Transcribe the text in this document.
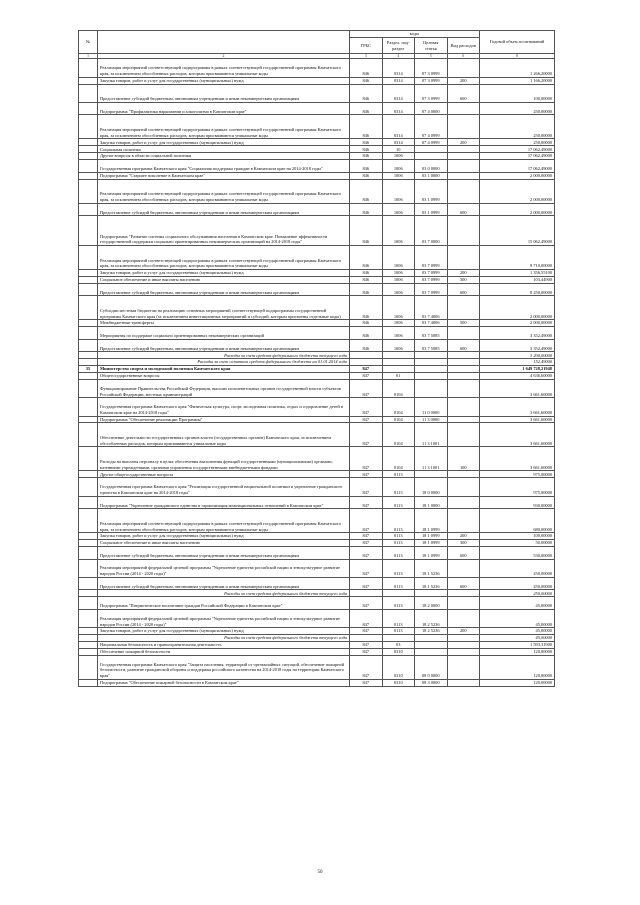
№		коды				Годовой объем ассигнований
		ГРБС	Раздел, под-раздел	Целевая статья	Вид расходов	
1	2	3	4	5	6	8
	Реализация мероприятий соответствующей подпрограммы в рамках соответствующей государственной программы Камчатского края, за исключением обособленных расходов, которым присваиваются уникальные коды	846	0314	07 3 0999		1 266,20000
	Закупка товаров, работ и услуг для государственных (муниципальных) нужд	846	0314	07 3 0999	200	1 166,20000
	Предоставление субсидий бюджетным, автономным учреждениям и иным некоммерческим организациям	846	0314	07 3 0999	600	100,00000
	Подпрограмма "Профилактика наркомании и алкоголизма в Камчатском крае"	846	0314	07 4 0000		250,00000
	Реализация мероприятий соответствующей подпрограммы в рамках соответствующей государственной программы Камчатского края, за исключением обособленных расходов, которым присваиваются уникальные коды	846	0314	07 4 0999		250,00000
	Закупка товаров, работ и услуг для государственных (муниципальных) нужд	846	0314	07 4 0999	200	250,00000
	Социальная политика	846	10			17 062,49000
	Другие вопросы в области социальной политики	846	1006			17 062,49000
	Государственная программа Камчатского края "Социальная поддержка граждан в Камчатском крае на 2014-2018 годы"	846	1006	03 0 0000		17 062,49000
	Подпрограмма "Старшее поколение в Камчатском крае"	846	1006	03 1 0000		2 000,00000
	Реализация мероприятий соответствующей подпрограммы в рамках соответствующей государственной программы Камчатского края, за исключением обособленных расходов, которым присваиваются уникальные коды	846	1006	03 1 0999		2 000,00000
	Предоставление субсидий бюджетным, автономным учреждениям и иным некоммерческим организациям	846	1006	03 1 0999	600	2 000,00000
	Подпрограмма "Развитие системы социального обслуживания населения в Камчатском крае. Повышение эффективности государственной поддержки социально ориентированных некоммерческих организаций на 2014-2018 годы"	846	1006	03 7 0000		15 062,49000
	Реализация мероприятий соответствующей подпрограммы в рамках соответствующей государственной программы Камчатского края, за исключением обособленных расходов, которым присваиваются уникальные коды	846	1006	03 7 0999		9 710,00000
	Закупка товаров, работ и услуг для государственных (муниципальных) нужд	846	1006	03 7 0999	200	1 356,55100
	Социальное обеспечение и иные выплаты населению	846	1006	03 7 0999	300	103,44900
	Предоставление субсидий бюджетным, автономным учреждениям и иным некоммерческим организациям	846	1006	03 7 0999	600	8 250,00000
	Субсидии местным бюджетам на реализацию основных мероприятий соответствующей подпрограммы государственной программы Камчатского края (за исключением инвестиционных мероприятий и субсидий, которым присвоены отдельные коды)	846	1006	03 7 4006		2 000,00000
	Межбюджетные трансферты	846	1006	03 7 4006	500	2 000,00000
	Мероприятия по поддержке социально ориентированных некоммерческих организаций	846	1006	03 7 5085		3 352,49000
	Предоставление субсидий бюджетным, автономным учреждениям и иным некоммерческим организациям	846	1006	03 7 5085	600	3 352,49000
	Расходы за счет средств федерального бюджета текущего года					3 200,00000
	Расходы за счет остатков средств федерального бюджета на 01.01.2014 года					152,49000
35	Министерство спорта и молодежной политики Камчатского края	847				1 649 728,21948
	Общегосударственные вопросы	847	01			4 636,60000
	Функционирование Правительства Российской Федерации, высших исполнительных органов государственной власти субъектов Российской Федерации, местных администраций	847	0104			3 661,60000
	Государственная программа Камчатского края "Физическая культура, спорт, молодежная политика, отдых и оздоровление детей в Камчатском крае на 2014-2018 годы"	847	0104	11 0 0000		3 661,60000
	Подпрограмма "Обеспечение реализации Программы"	847	0104	11 3 0000		3 661,60000
	Обеспечение деятельности государственных органов власти (государственных органов) Камчатского края, за исключением обособленных расходов, которым присваиваются уникальные коды	847	0104	11 3 1001		3 661,60000
	Расходы на выплаты персоналу в целях обеспечения выполнения функций государственными (муниципальными) органами, казенными учреждениями, органами управления государственными внебюджетными фондами	847	0104	11 3 1001	100	3 661,60000
	Другие общегосударственные вопросы	847	0113			975,00000
	Государственная программа Камчатского края "Реализация государственной национальной политики и укрепление гражданского единства в Камчатском крае на 2014-2018 годы"	847	0113	18 0 0000		975,00000
	Подпрограмма "Укрепление гражданского единства и гармонизация межнациональных отношений в Камчатском крае"	847	0113	18 1 0000		930,00000
	Реализация мероприятий соответствующей подпрограммы в рамках соответствующей государственной программы Камчатского края, за исключением обособленных расходов, которым присваиваются уникальные коды	847	0113	18 1 0999		680,00000
	Закупка товаров, работ и услуг для государственных (муниципальных) нужд	847	0113	18 1 0999	200	100,00000
	Социальное обеспечение и иные выплаты населению	847	0113	18 1 0999	300	50,00000
	Предоставление субсидий бюджетным, автономным учреждениям и иным некоммерческим организациям	847	0113	18 1 0999	600	530,00000
	Реализация мероприятий федеральной целевой программы "Укрепление единства российской нации и этнокультурное развитие народов России (2014 - 2020 годы)"	847	0113	18 1 5236		250,00000
	Предоставление субсидий бюджетным, автономным учреждениям и иным некоммерческим организациям	847	0113	18 1 5236	600	250,00000
	Расходы за счет средств федерального бюджета текущего года					250,00000
	Подпрограмма "Патриотическое воспитание граждан Российской Федерации в Камчатском крае"	847	0113	18 2 0000		45,00000
	Реализация мероприятий федеральной целевой программы "Укрепление единства российской нации и этнокультурное развитие народов России (2014 - 2020 годы)"	847	0113	18 2 5236		45,00000
	Закупка товаров, работ и услуг для государственных (муниципальных) нужд	847	0113	18 2 5236	200	45,00000
	Расходы за счет средств федерального бюджета текущего года					45,00000
	Национальная безопасность и правоохранительная деятельность	847	03			1 593,31900
	Обеспечение пожарной безопасности	847	0310			120,00000
	Государственная программа Камчатского края "Защита населения, территорий от чрезвычайных ситуаций, обеспечение пожарной безопасности, развитие гражданской обороны и поддержка российского казачества на 2014-2018 годы на территории Камчатского края"	847	0310	08 0 0000		120,00000
	Подпрограмма "Обеспечение пожарной безопасности в Камчатском крае"	847	0310	08 3 0000		120,00000
50
